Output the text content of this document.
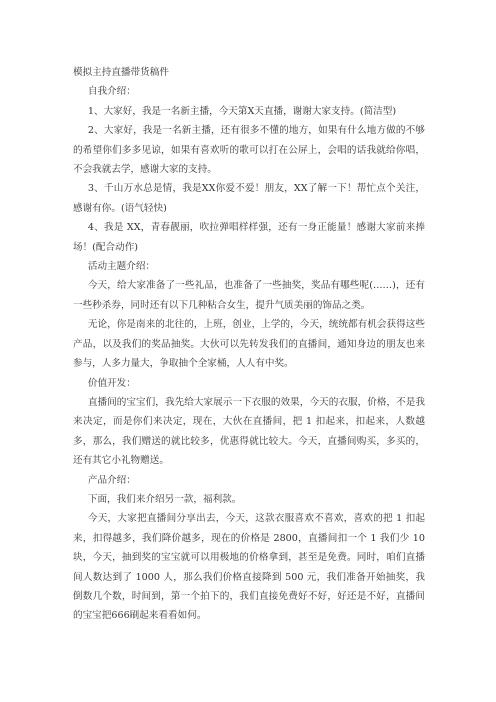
模拟主持直播带货稿件

自我介绍：

1、大家好，我是一名新主播，今天第X天直播，谢谢大家支持。(简洁型)

2、大家好，我是一名新主播，还有很多不懂的地方，如果有什么地方做的不够的希望你们多多见谅，如果有喜欢听的歌可以打在公屏上，会唱的话我就给你唱，不会我就去学，感谢大家的支持。

3、千山万水总是情，我是XX你爱不爱！朋友，XX了解一下！帮忙点个关注，感谢有你。(语气轻快)

4、我是 XX，青春靓丽，吹拉弹唱样样强，还有一身正能量！感谢大家前来捧场！(配合动作)

活动主题介绍：

今天，给大家准备了一些礼品，也准备了一些抽奖，奖品有哪些呢(……)，还有一些秒杀券，同时还有以下几种粘合女生，提升气质美丽的饰品之类。

无论，你是南来的北往的，上班，创业，上学的，今天，统统都有机会获得这些产品，以及我们的奖品抽奖。大伙可以先转发我们的直播间，通知身边的朋友也来参与，人多力量大，争取抽个全家桶，人人有中奖。

价值开发：

直播间的宝宝们，我先给大家展示一下衣服的效果，今天的衣服，价格，不是我来决定，而是你们来决定，现在，大伙在直播间，把 1 扣起来，扣起来，人数越多，那么，我们赠送的就比较多，优惠得就比较大。今天，直播间购买，多买的，还有其它小礼物赠送。

产品介绍：

下面，我们来介绍另一款，福利款。

今天，大家把直播间分享出去，今天，这款衣服喜欢不喜欢，喜欢的把 1 扣起来，扣得越多，我们降价越多，现在的价格是 2800，直播间扣一个 1 我们少 10 块，今天，抽到奖的宝宝就可以用极地的价格拿到，甚至是免费。同时，咱们直播间人数达到了 1000 人，那么我们价格直接降到 500 元，我们准备开始抽奖，我倒数几个数，时间到，第一个拍下的，我们直接免费好不好，好还是不好，直播间的宝宝把666刷起来看看如何。
